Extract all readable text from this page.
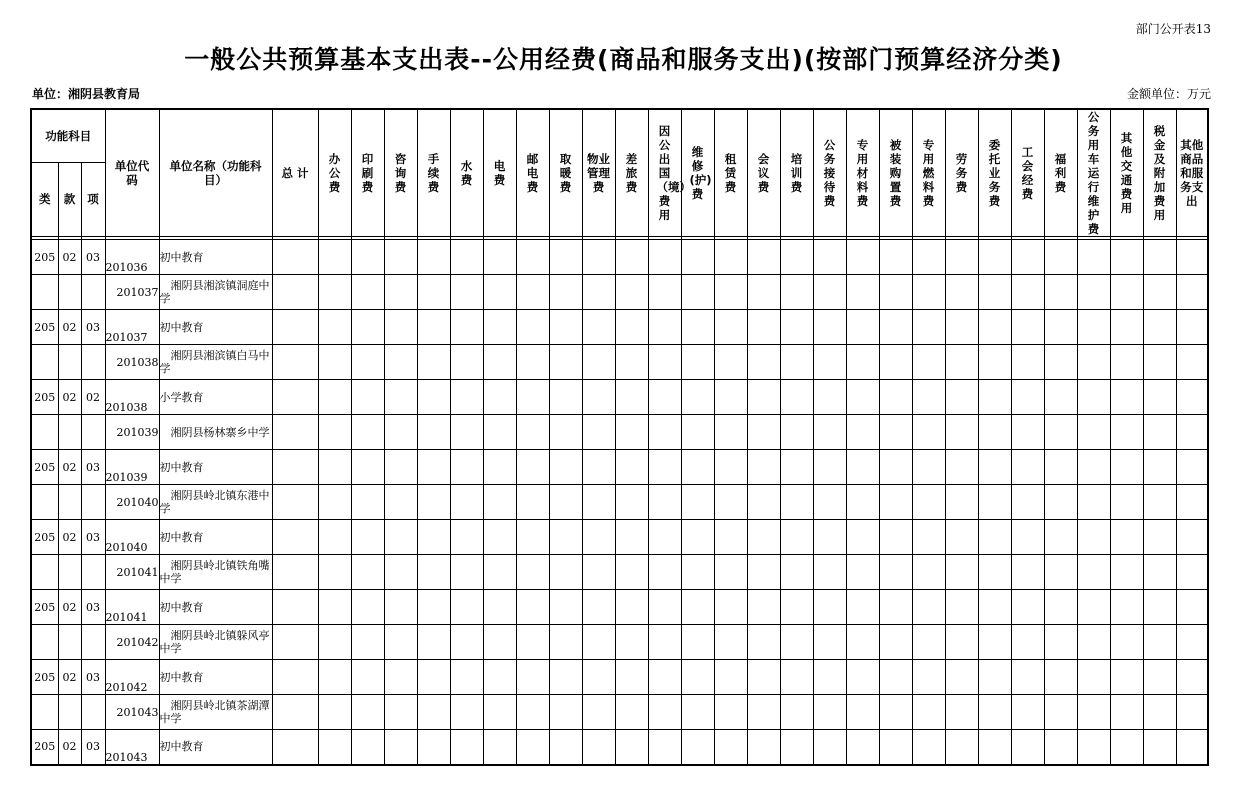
部门公开表13
一般公共预算基本支出表--公用经费(商品和服务支出)(按部门预算经济分类)
单位：湘阴县教育局	金额单位：万元
功能科目			单位代码	单位名称（功能科目）	总 计	办公费	印刷费	咨询费	手续费	水费	电费	邮电费	取暖费	物业管理费	差旅费	因公出国（境）费用	维修(护)费	租赁费	会议费	培训费	公务接待费	专用材料费	被装购置费	专用燃料费	劳务费	委托业务费	工会经费	福利费	公务用车运行维护费	其他交通费用	税金及附加费用	其他商品和服务支出
类	款	项																														

205	02	03	201036	初中教育																												
			201037	湘阴县湘滨镇洞庭中学																												
205	02	03	201037	初中教育																												
			201038	湘阴县湘滨镇白马中学																												
205	02	02	201038	小学教育																												
			201039	湘阴县杨林寨乡中学																												
205	02	03	201039	初中教育																												
			201040	湘阴县岭北镇东港中学																												
205	02	03	201040	初中教育																												
			201041	湘阴县岭北镇铁角嘴中学																												
205	02	03	201041	初中教育																												
			201042	湘阴县岭北镇躲风亭中学																												
205	02	03	201042	初中教育																												
			201043	湘阴县岭北镇茶湖潭中学																												
205	02	03	201043	初中教育																												
